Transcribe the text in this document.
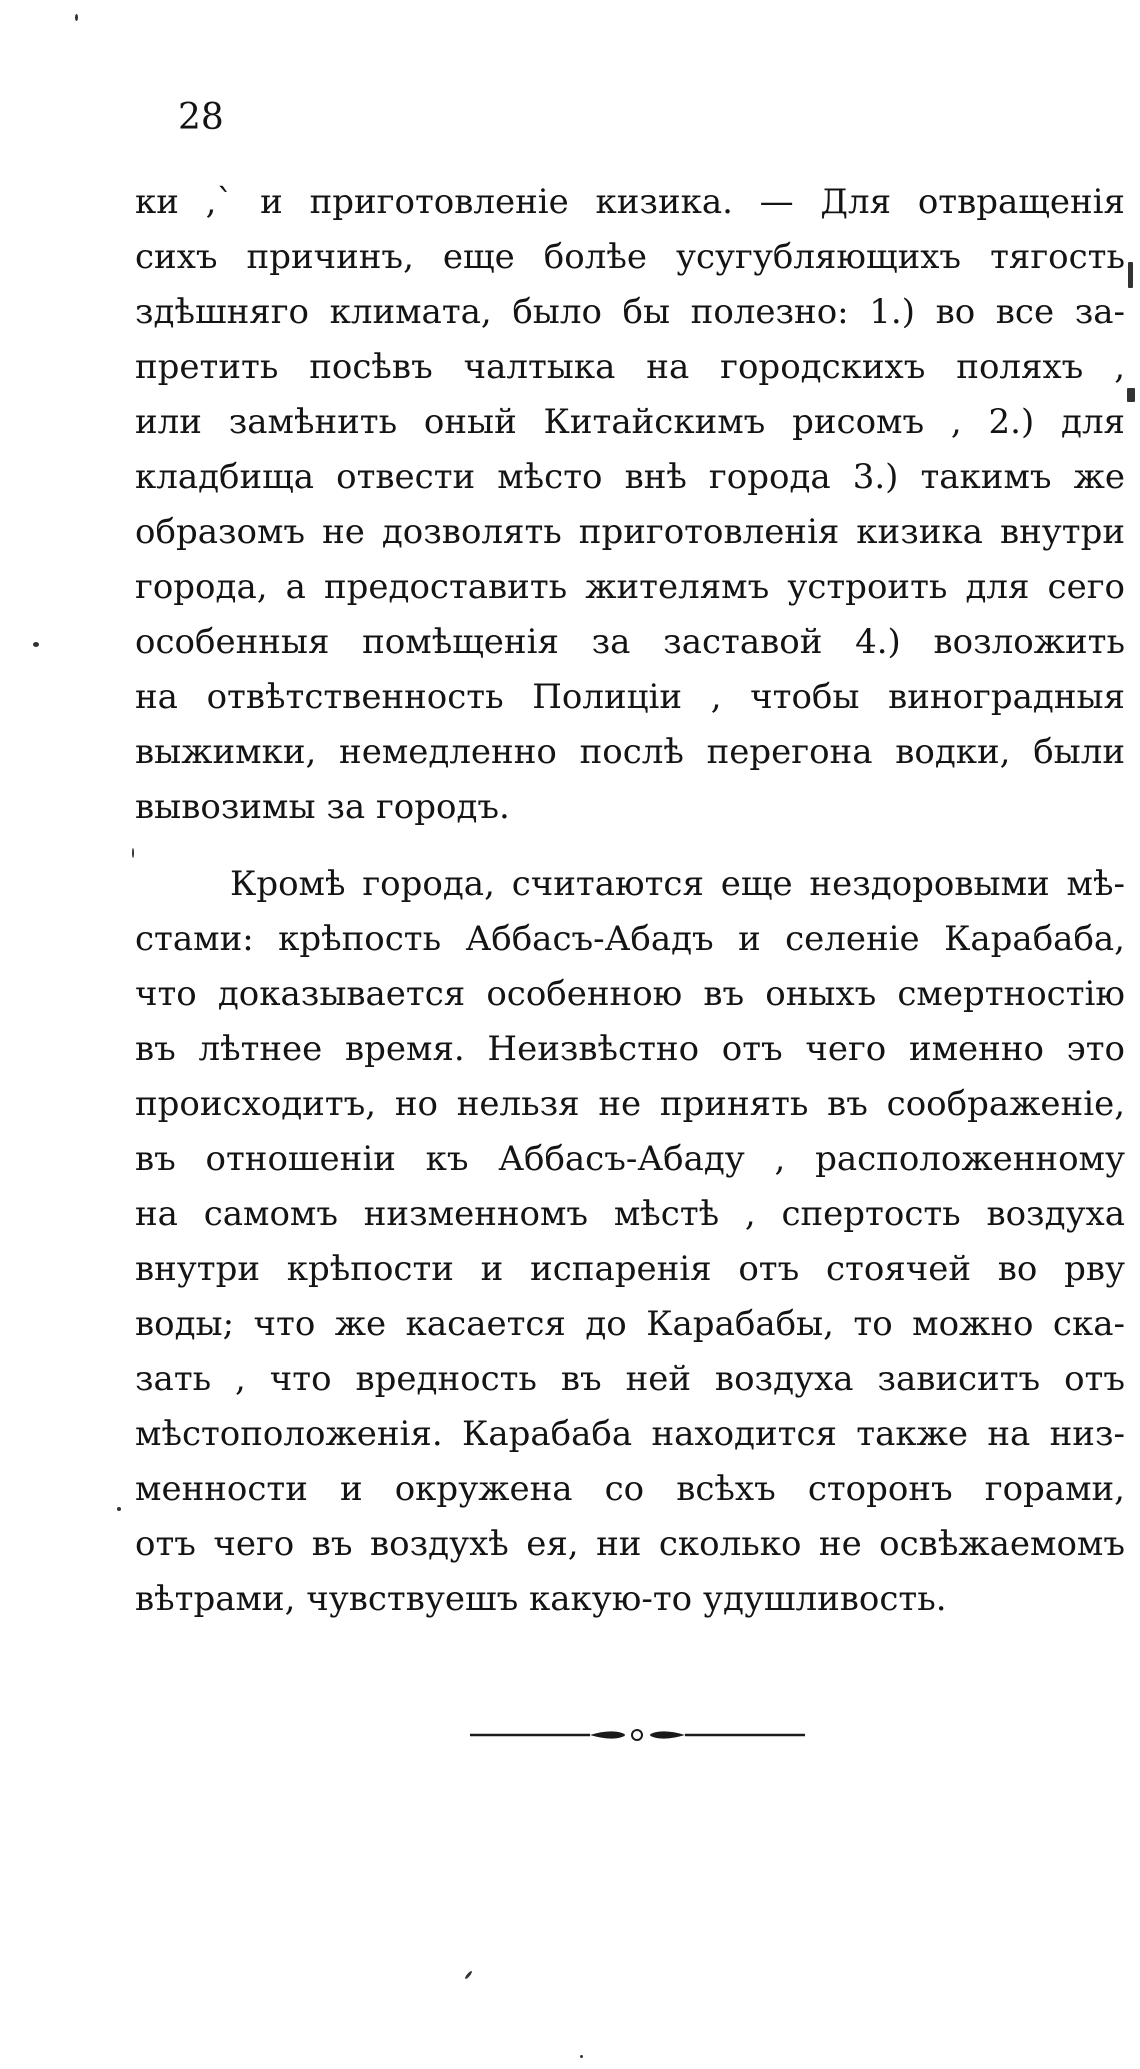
28
ки ,` и приготовленіе кизика. — Для отвращенія
сихъ причинъ, еще болѣе усугубляющихъ тягость
здѣшняго климата, было бы полезно: 1.) во все за-
претить посѣвъ чалтыка на городскихъ поляхъ ,
или замѣнить оный Китайскимъ рисомъ , 2.) для
кладбища отвести мѣсто внѣ города 3.) такимъ же
образомъ не дозволять приготовленія кизика внутри
города, а предоставить жителямъ устроить для сего
особенныя помѣщенія за заставой 4.) возложить
на отвѣтственность Полиціи , чтобы виноградныя
выжимки, немедленно послѣ перегона водки, были
вывозимы за городъ.
Кромѣ города, считаются еще нездоровыми мѣ-
стами: крѣпость Аббасъ-Абадъ и селеніе Карабаба,
что доказывается особенною въ оныхъ смертностію
въ лѣтнее время. Неизвѣстно отъ чего именно это
происходитъ, но нельзя не принять въ соображеніе,
въ отношеніи къ Аббасъ-Абаду , расположенному
на самомъ низменномъ мѣстѣ , спертость воздуха
внутри крѣпости и испаренія отъ стоячей во рву
воды; что же касается до Карабабы, то можно ска-
зать , что вредность въ ней воздуха зависитъ отъ
мѣстоположенія. Карабаба находится также на низ-
менности и окружена со всѣхъ сторонъ горами,
отъ чего въ воздухѣ ея, ни сколько не освѣжаемомъ
вѣтрами, чувствуешъ какую-то удушливость.
